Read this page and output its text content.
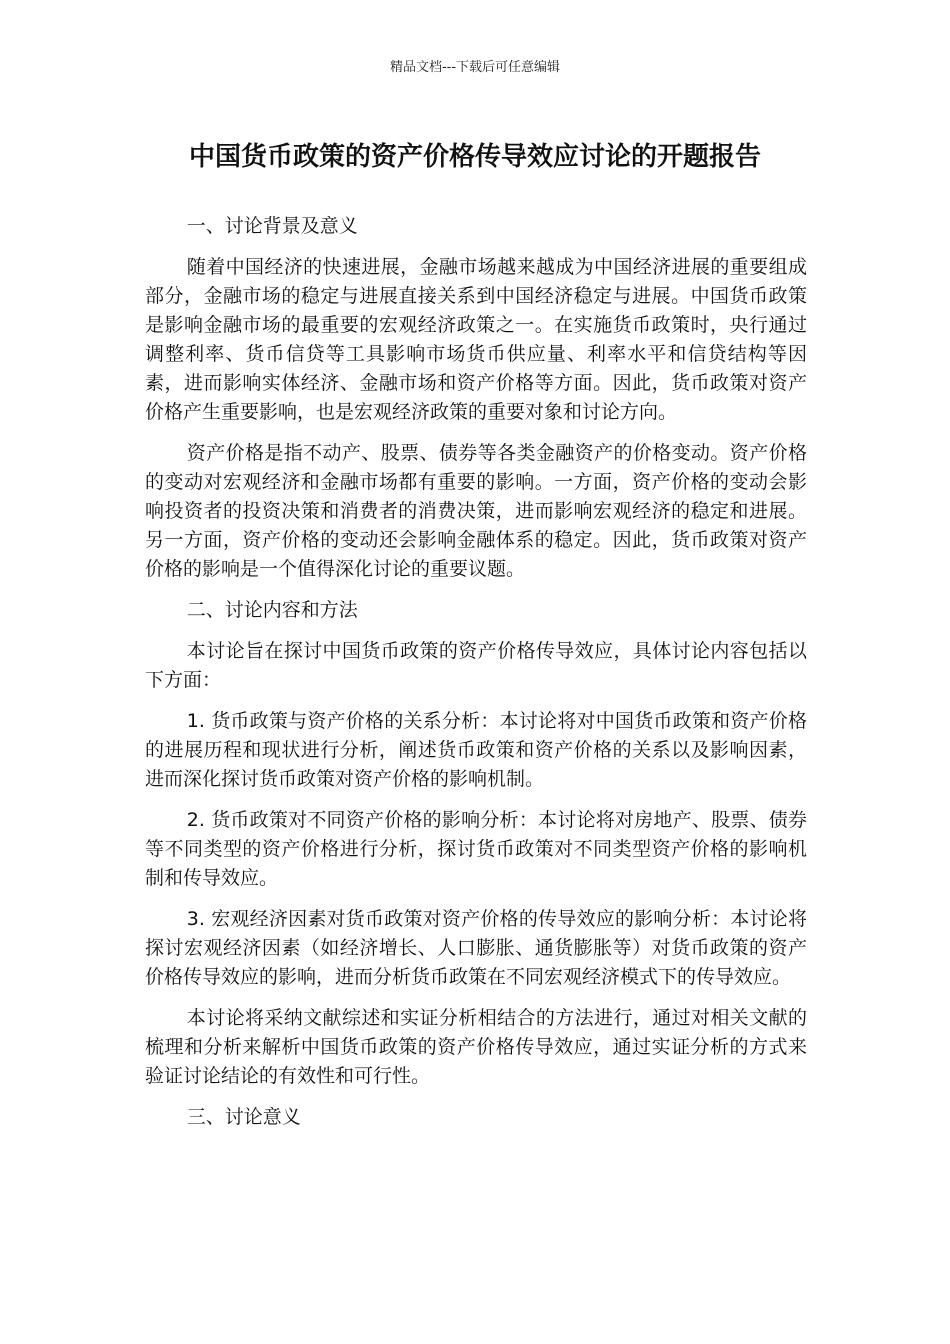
精品文档---下载后可任意编辑
中国货币政策的资产价格传导效应讨论的开题报告

一、讨论背景及意义

随着中国经济的快速进展，金融市场越来越成为中国经济进展的重要组成部分，金融市场的稳定与进展直接关系到中国经济稳定与进展。中国货币政策是影响金融市场的最重要的宏观经济政策之一。在实施货币政策时，央行通过调整利率、货币信贷等工具影响市场货币供应量、利率水平和信贷结构等因素，进而影响实体经济、金融市场和资产价格等方面。因此，货币政策对资产价格产生重要影响，也是宏观经济政策的重要对象和讨论方向。

资产价格是指不动产、股票、债券等各类金融资产的价格变动。资产价格的变动对宏观经济和金融市场都有重要的影响。一方面，资产价格的变动会影响投资者的投资决策和消费者的消费决策，进而影响宏观经济的稳定和进展。另一方面，资产价格的变动还会影响金融体系的稳定。因此，货币政策对资产价格的影响是一个值得深化讨论的重要议题。

二、讨论内容和方法

本讨论旨在探讨中国货币政策的资产价格传导效应，具体讨论内容包括以下方面：

1. 货币政策与资产价格的关系分析：本讨论将对中国货币政策和资产价格的进展历程和现状进行分析，阐述货币政策和资产价格的关系以及影响因素，进而深化探讨货币政策对资产价格的影响机制。

2. 货币政策对不同资产价格的影响分析：本讨论将对房地产、股票、债券等不同类型的资产价格进行分析，探讨货币政策对不同类型资产价格的影响机制和传导效应。

3. 宏观经济因素对货币政策对资产价格的传导效应的影响分析：本讨论将探讨宏观经济因素（如经济增长、人口膨胀、通货膨胀等）对货币政策的资产价格传导效应的影响，进而分析货币政策在不同宏观经济模式下的传导效应。

本讨论将采纳文献综述和实证分析相结合的方法进行，通过对相关文献的梳理和分析来解析中国货币政策的资产价格传导效应，通过实证分析的方式来验证讨论结论的有效性和可行性。

三、讨论意义
